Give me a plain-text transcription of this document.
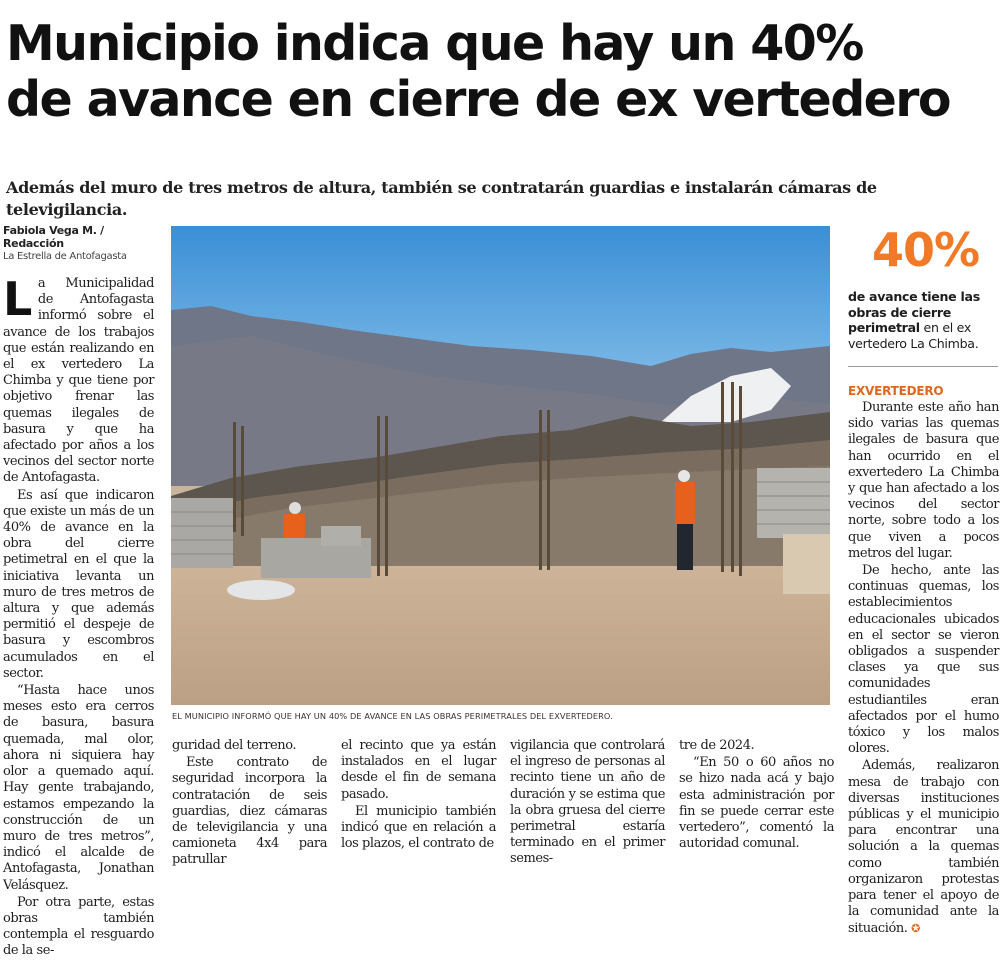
Municipio indica que hay un 40%
de avance en cierre de ex vertedero
Además del muro de tres metros de altura, también se contratarán guardias e instalarán cámaras de televigilancia.
Fabiola Vega M. / Redacción
La Estrella de Antofagasta

La Municipalidad de Antofagasta informó sobre el avance de los trabajos que están realizando en el ex vertedero La Chimba y que tiene por objetivo frenar las quemas ilegales de basura y que ha afectado por años a los vecinos del sector norte de Antofagasta.

Es así que indicaron que existe un más de un 40% de avance en la obra del cierre petimetral en el que la iniciativa levanta un muro de tres metros de altura y que además permitió el despeje de basura y escombros acumulados en el sector.

“Hasta hace unos meses esto era cerros de basura, basura quemada, mal olor, ahora ni siquiera hay olor a quemado aquí. Hay gente trabajando, estamos empezando la construcción de un muro de tres metros”, indicó el alcalde de Antofagasta, Jonathan Velásquez.

Por otra parte, estas obras también contempla el resguardo de la se-

EL MUNICIPIO INFORMÓ QUE HAY UN 40% DE AVANCE EN LAS OBRAS PERIMETRALES DEL EXVERTEDERO.

guridad del terreno.

Este contrato de seguridad incorpora la contratación de seis guardias, diez cámaras de televigilancia y una camioneta 4x4 para patrullar

el recinto que ya están instalados en el lugar desde el fin de semana pasado.

El municipio también indicó que en relación a los plazos, el contrato de

vigilancia que controlará el ingreso de personas al recinto tiene un año de duración y se estima que la obra gruesa del cierre perimetral estaría terminado en el primer semes-

tre de 2024.

“En 50 o 60 años no se hizo nada acá y bajo esta administración por fin se puede cerrar este vertedero”, comentó la autoridad comunal.

40%
de avance tiene las obras de cierre perimetral en el ex vertedero La Chimba.
EXVERTEDERO

Durante este año han sido varias las quemas ilegales de basura que han ocurrido en el exvertedero La Chimba y que han afectado a los vecinos del sector norte, sobre todo a los que viven a pocos metros del lugar.

De hecho, ante las continuas quemas, los establecimientos educacionales ubicados en el sector se vieron obligados a suspender clases ya que sus comunidades estudiantiles eran afectados por el humo tóxico y los malos olores.

Además, realizaron mesa de trabajo con diversas instituciones públicas y el municipio para encontrar una solución a la quemas como también organizaron protestas para tener el apoyo de la comunidad ante la situación. ✪
